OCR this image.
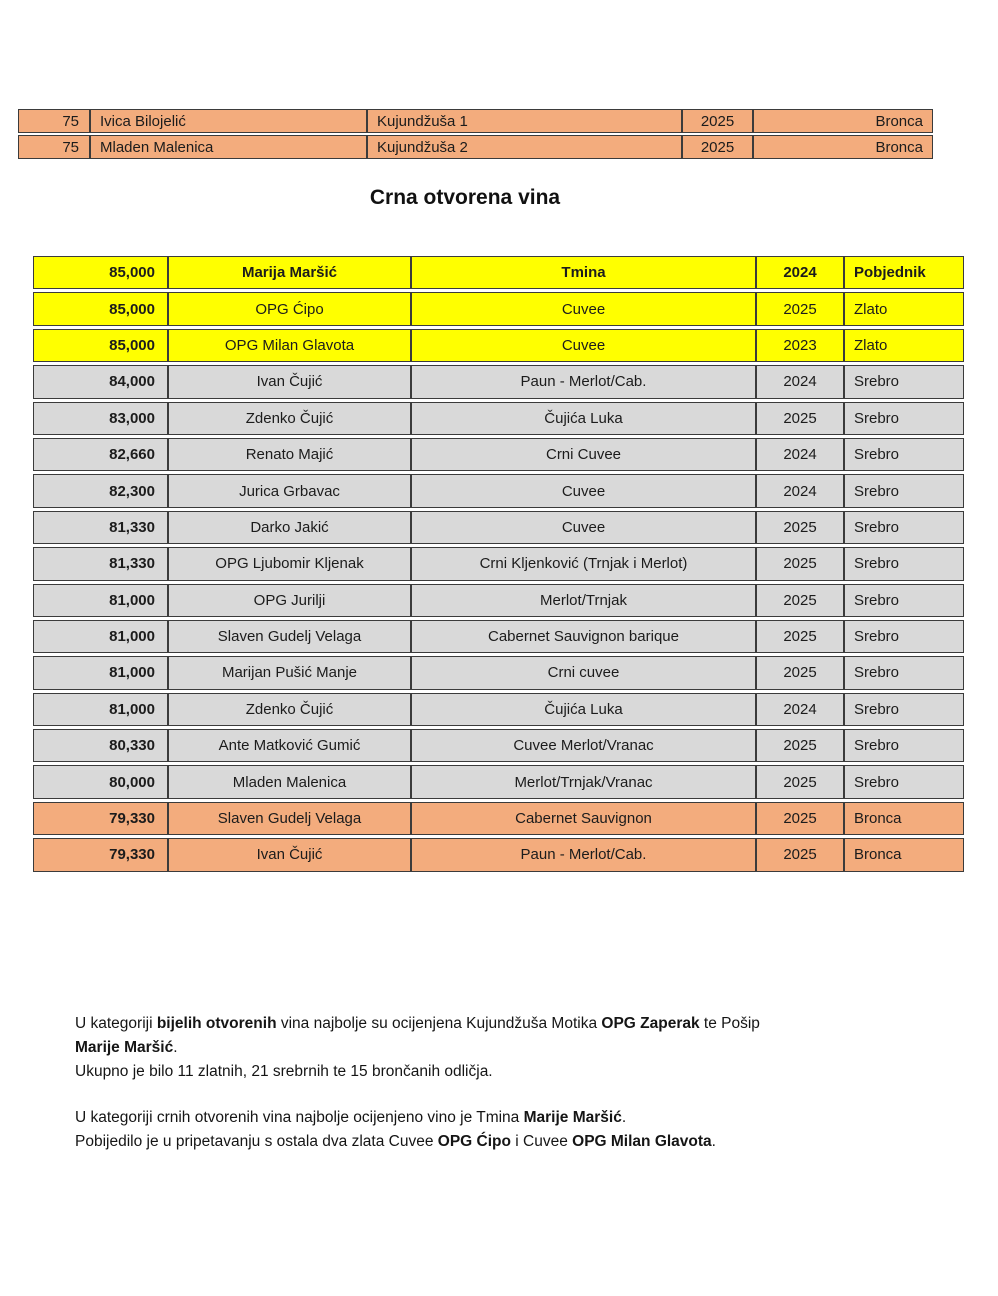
75	Ivica Bilojelić	Kujundžuša 1	2025	Bronca
75	Mladen Malenica	Kujundžuša 2	2025	Bronca
Crna otvorena vina
85,000	Marija Maršić	Tmina	2024	Pobjednik
85,000	OPG Ćipo	Cuvee	2025	Zlato
85,000	OPG Milan Glavota	Cuvee	2023	Zlato
84,000	Ivan Čujić	Paun - Merlot/Cab.	2024	Srebro
83,000	Zdenko Čujić	Čujića Luka	2025	Srebro
82,660	Renato Majić	Crni Cuvee	2024	Srebro
82,300	Jurica Grbavac	Cuvee	2024	Srebro
81,330	Darko Jakić	Cuvee	2025	Srebro
81,330	OPG Ljubomir Kljenak	Crni Kljenković (Trnjak i Merlot)	2025	Srebro
81,000	OPG Jurilji	Merlot/Trnjak	2025	Srebro
81,000	Slaven Gudelj Velaga	Cabernet Sauvignon barique	2025	Srebro
81,000	Marijan Pušić Manje	Crni cuvee	2025	Srebro
81,000	Zdenko Čujić	Čujića Luka	2024	Srebro
80,330	Ante Matković Gumić	Cuvee Merlot/Vranac	2025	Srebro
80,000	Mladen Malenica	Merlot/Trnjak/Vranac	2025	Srebro
79,330	Slaven Gudelj Velaga	Cabernet Sauvignon	2025	Bronca
79,330	Ivan Čujić	Paun - Merlot/Cab.	2025	Bronca
U kategoriji bijelih otvorenih vina najbolje su ocijenjena Kujundžuša Motika OPG Zaperak te Pošip
Marije Maršić.
Ukupno je bilo 11 zlatnih, 21 srebrnih te 15 brončanih odličja.
U kategoriji crnih otvorenih vina najbolje ocijenjeno vino je Tmina Marije Maršić.
Pobijedilo je u pripetavanju s ostala dva zlata Cuvee OPG Ćipo i Cuvee OPG Milan Glavota.
